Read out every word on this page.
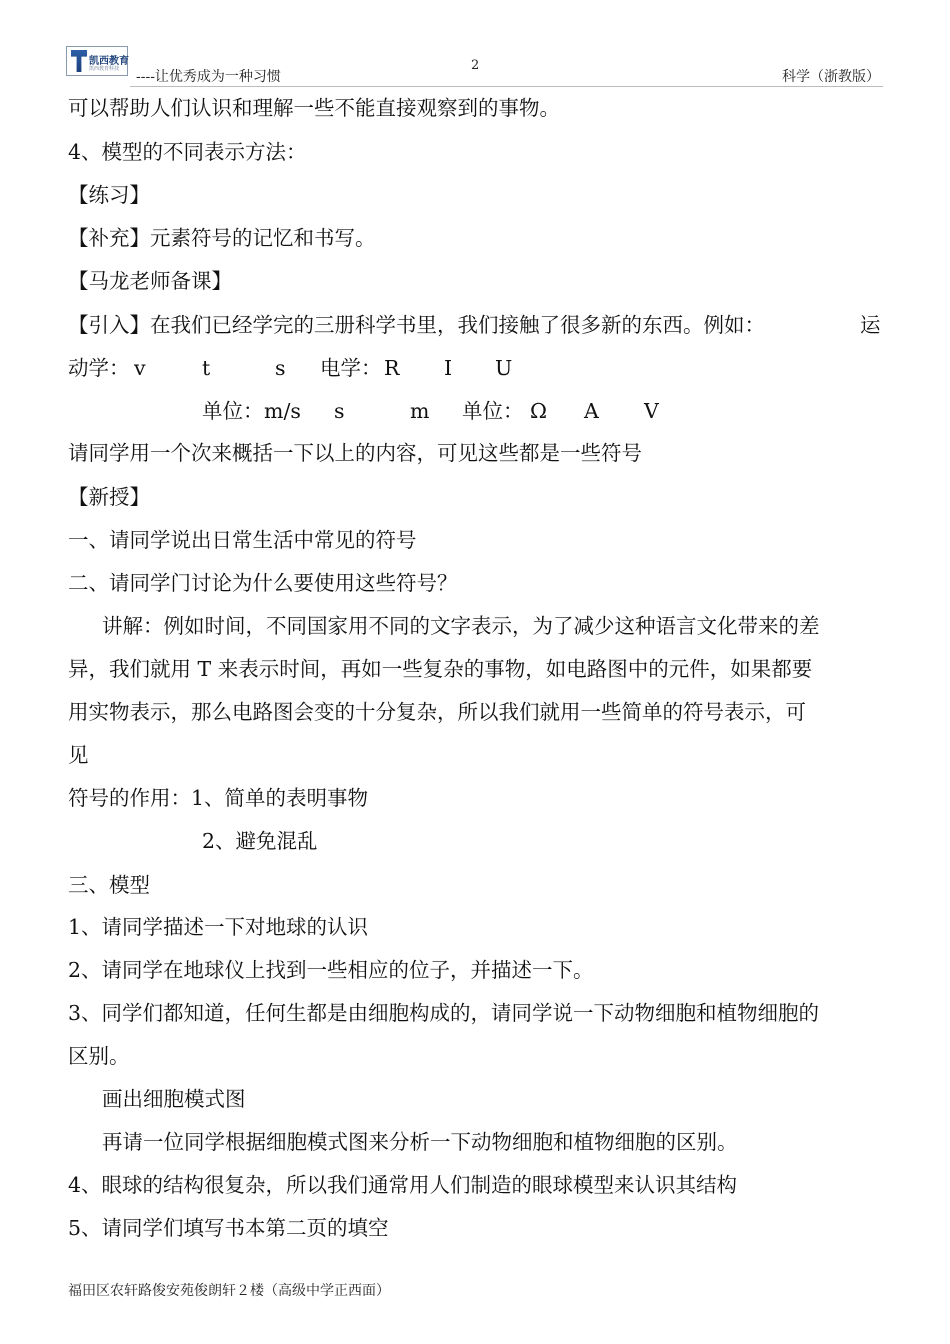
凯西教育
凯西教育科技 ----让优秀成为一种习惯
2
科学（浙教版）
可以帮助人们认识和理解一些不能直接观察到的事物。
4、模型的不同表示方法：
【练习】
【补充】元素符号的记忆和书写。
【马龙老师备课】
【引入】在我们已经学完的三册科学书里，我们接触了很多新的东西。例如：	运
动学： v	t	s 电学： R I U
单位： m/s s	m 单位： Ω A V
请同学用一个次来概括一下以上的内容，可见这些都是一些符号
【新授】
一、请同学说出日常生活中常见的符号
二、请同学门讨论为什么要使用这些符号？
讲解：例如时间，不同国家用不同的文字表示，为了减少这种语言文化带来的差
异，我们就用 T 来表示时间，再如一些复杂的事物，如电路图中的元件，如果都要
用实物表示，那么电路图会变的十分复杂，所以我们就用一些简单的符号表示，可
见
符号的作用：1、简单的表明事物
2、避免混乱
三、模型
1、请同学描述一下对地球的认识
2、请同学在地球仪上找到一些相应的位子，并描述一下。
3、同学们都知道，任何生都是由细胞构成的，请同学说一下动物细胞和植物细胞的
区别。
画出细胞模式图
再请一位同学根据细胞模式图来分析一下动物细胞和植物细胞的区别。
4、眼球的结构很复杂，所以我们通常用人们制造的眼球模型来认识其结构
5、请同学们填写书本第二页的填空
福田区农轩路俊安苑俊朗轩２楼（高级中学正西面）
